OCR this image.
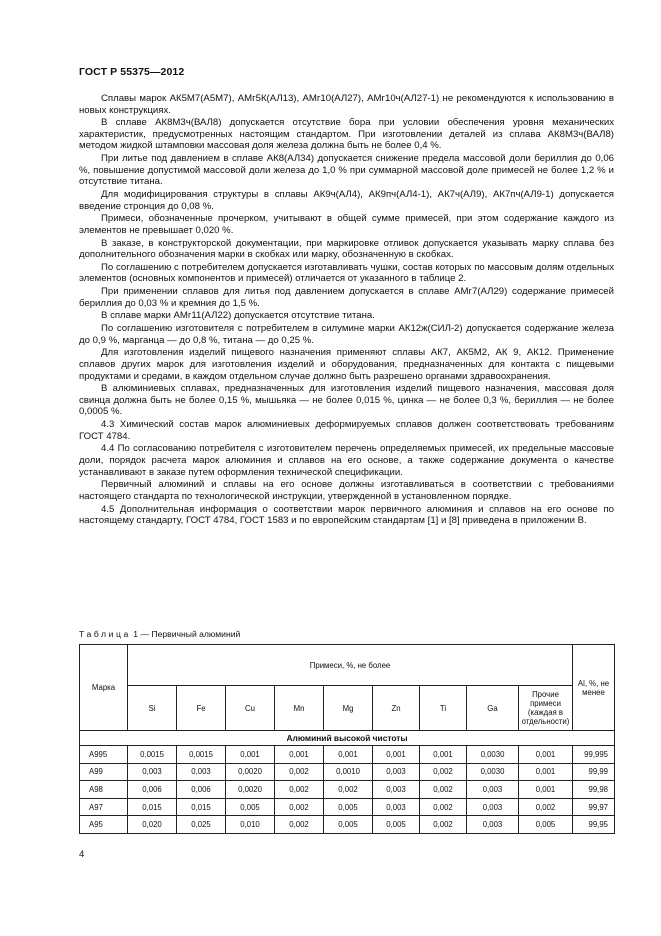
ГОСТ Р 55375—2012

Сплавы марок АК5М7(А5М7), АМг5К(АЛ13), АМг10(АЛ27), АМг10ч(АЛ27-1) не рекомендуются к использованию в новых конструкциях.

В сплаве АК8М3ч(ВАЛ8) допускается отсутствие бора при условии обеспечения уровня механических характеристик, предусмотренных настоящим стандартом. При изготовлении деталей из сплава АК8М3ч(ВАЛ8) методом жидкой штамповки массовая доля железа должна быть не более 0,4 %.

При литье под давлением в сплаве АК8(АЛ34) допускается снижение предела массовой доли бериллия до 0,06 %, повышение допустимой массовой доли железа до 1,0 % при суммарной массовой доле примесей не более 1,2 % и отсутствие титана.

Для модифицирования структуры в сплавы АК9ч(АЛ4), АК9пч(АЛ4-1), АК7ч(АЛ9), АК7пч(АЛ9-1) допускается введение стронция до 0,08 %.

Примеси, обозначенные прочерком, учитывают в общей сумме примесей, при этом содержание каждого из элементов не превышает 0,020 %.

В заказе, в конструкторской документации, при маркировке отливок допускается указывать марку сплава без дополнительного обозначения марки в скобках или марку, обозначенную в скобках.

По соглашению с потребителем допускается изготавливать чушки, состав которых по массовым долям отдельных элементов (основных компонентов и примесей) отличается от указанного в таблице 2.

При применении сплавов для литья под давлением допускается в сплаве АМг7(АЛ29) содержание примесей бериллия до 0,03 % и кремния до 1,5 %.

В сплаве марки АМг11(АЛ22) допускается отсутствие титана.

По соглашению изготовителя с потребителем в силумине марки АК12ж(СИЛ-2) допускается содержание железа до 0,9 %, марганца — до 0,8 %, титана — до 0,25 %.

Для изготовления изделий пищевого назначения применяют сплавы АК7, АК5М2, АК 9, АК12. Применение сплавов других марок для изготовления изделий и оборудования, предназначенных для контакта с пищевыми продуктами и средами, в каждом отдельном случае должно быть разрешено органами здравоохранения.

В алюминиевых сплавах, предназначенных для изготовления изделий пищевого назначения, массовая доля свинца должна быть не более 0,15 %, мышьяка — не более 0,015 %, цинка — не более 0,3 %, бериллия — не более 0,0005 %.

4.3 Химический состав марок алюминиевых деформируемых сплавов должен соответствовать требованиям ГОСТ 4784.

4.4 По согласованию потребителя с изготовителем перечень определяемых примесей, их предельные массовые доли, порядок расчета марок алюминия и сплавов на его основе, а также содержание документа о качестве устанавливают в заказе путем оформления технической спецификации.

Первичный алюминий и сплавы на его основе должны изготавливаться в соответствии с требованиями настоящего стандарта по технологической инструкции, утвержденной в установленном порядке.

4.5 Дополнительная информация о соответствии марок первичного алюминия и сплавов на его основе по настоящему стандарту, ГОСТ 4784, ГОСТ 1583 и по европейским стандартам [1] и [8] приведена в приложении В.

Таблица 1 — Первичный алюминий
Марка	Примеси, %, не более									Al, %, не менее
	Si	Fe	Cu	Mn	Mg	Zn	Ti	Ga	Прочие примеси (каждая в отдельности)	
Алюминий высокой чистоты										
А995	0,0015	0,0015	0,001	0,001	0,001	0,001	0,001	0,0030	0,001	99,995
А99	0,003	0,003	0,0020	0,002	0,0010	0,003	0,002	0,0030	0,001	99,99
А98	0,006	0,006	0,0020	0,002	0,002	0,003	0,002	0,003	0,001	99,98
А97	0,015	0,015	0,005	0,002	0,005	0,003	0,002	0,003	0,002	99,97
А95	0,020	0,025	0,010	0,002	0,005	0,005	0,002	0,003	0,005	99,95
4
